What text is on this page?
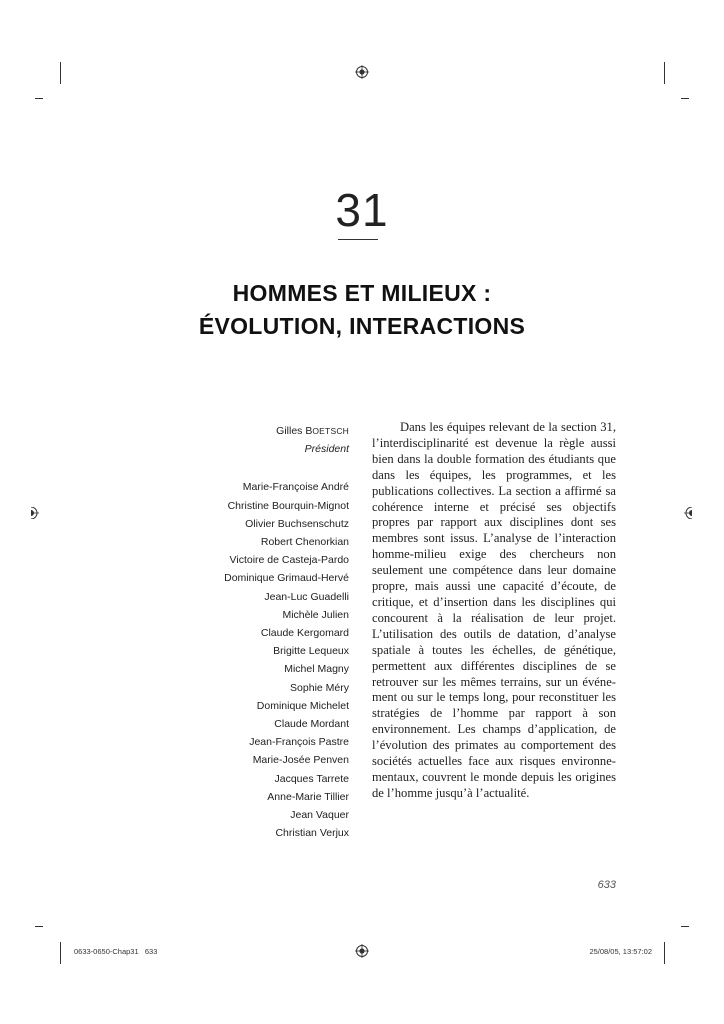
31
HOMMES ET MILIEUX :
ÉVOLUTION, INTERACTIONS
Gilles BOETSCH
Président
Marie-Françoise André
Christine Bourquin-Mignot
Olivier Buchsenschutz
Robert Chenorkian
Victoire de Casteja-Pardo
Dominique Grimaud-Hervé
Jean-Luc Guadelli
Michèle Julien
Claude Kergomard
Brigitte Lequeux
Michel Magny
Sophie Méry
Dominique Michelet
Claude Mordant
Jean-François Pastre
Marie-Josée Penven
Jacques Tarrete
Anne-Marie Tillier
Jean Vaquer
Christian Verjux

Dans les équipes relevant de la section 31, l’interdisciplinarité est devenue la règle aussi bien dans la double formation des étudiants que dans les équipes, les programmes, et les publications collectives. La section a affirmé sa cohérence interne et précisé ses objectifs propres par rapport aux disciplines dont ses membres sont issus. L’analyse de l’interaction homme-milieu exige des chercheurs non seulement une compétence dans leur domaine propre, mais aussi une capacité d’écoute, de critique, et d’insertion dans les disciplines qui concourent à la réalisation de leur projet. L’utilisation des outils de datation, d’analyse spatiale à toutes les échelles, de génétique, permettent aux différentes disciplines de se retrouver sur les mêmes terrains, sur un événement ou sur le temps long, pour reconstituer les stratégies de l’homme par rapport à son environnement. Les champs d’application, de l’évolution des primates au comportement des sociétés actuelles face aux risques environnementaux, couvrent le monde depuis les origines de l’homme jusqu’à l’actualité.

633
0633-0650-Chap31   633	25/08/05, 13:57:02
